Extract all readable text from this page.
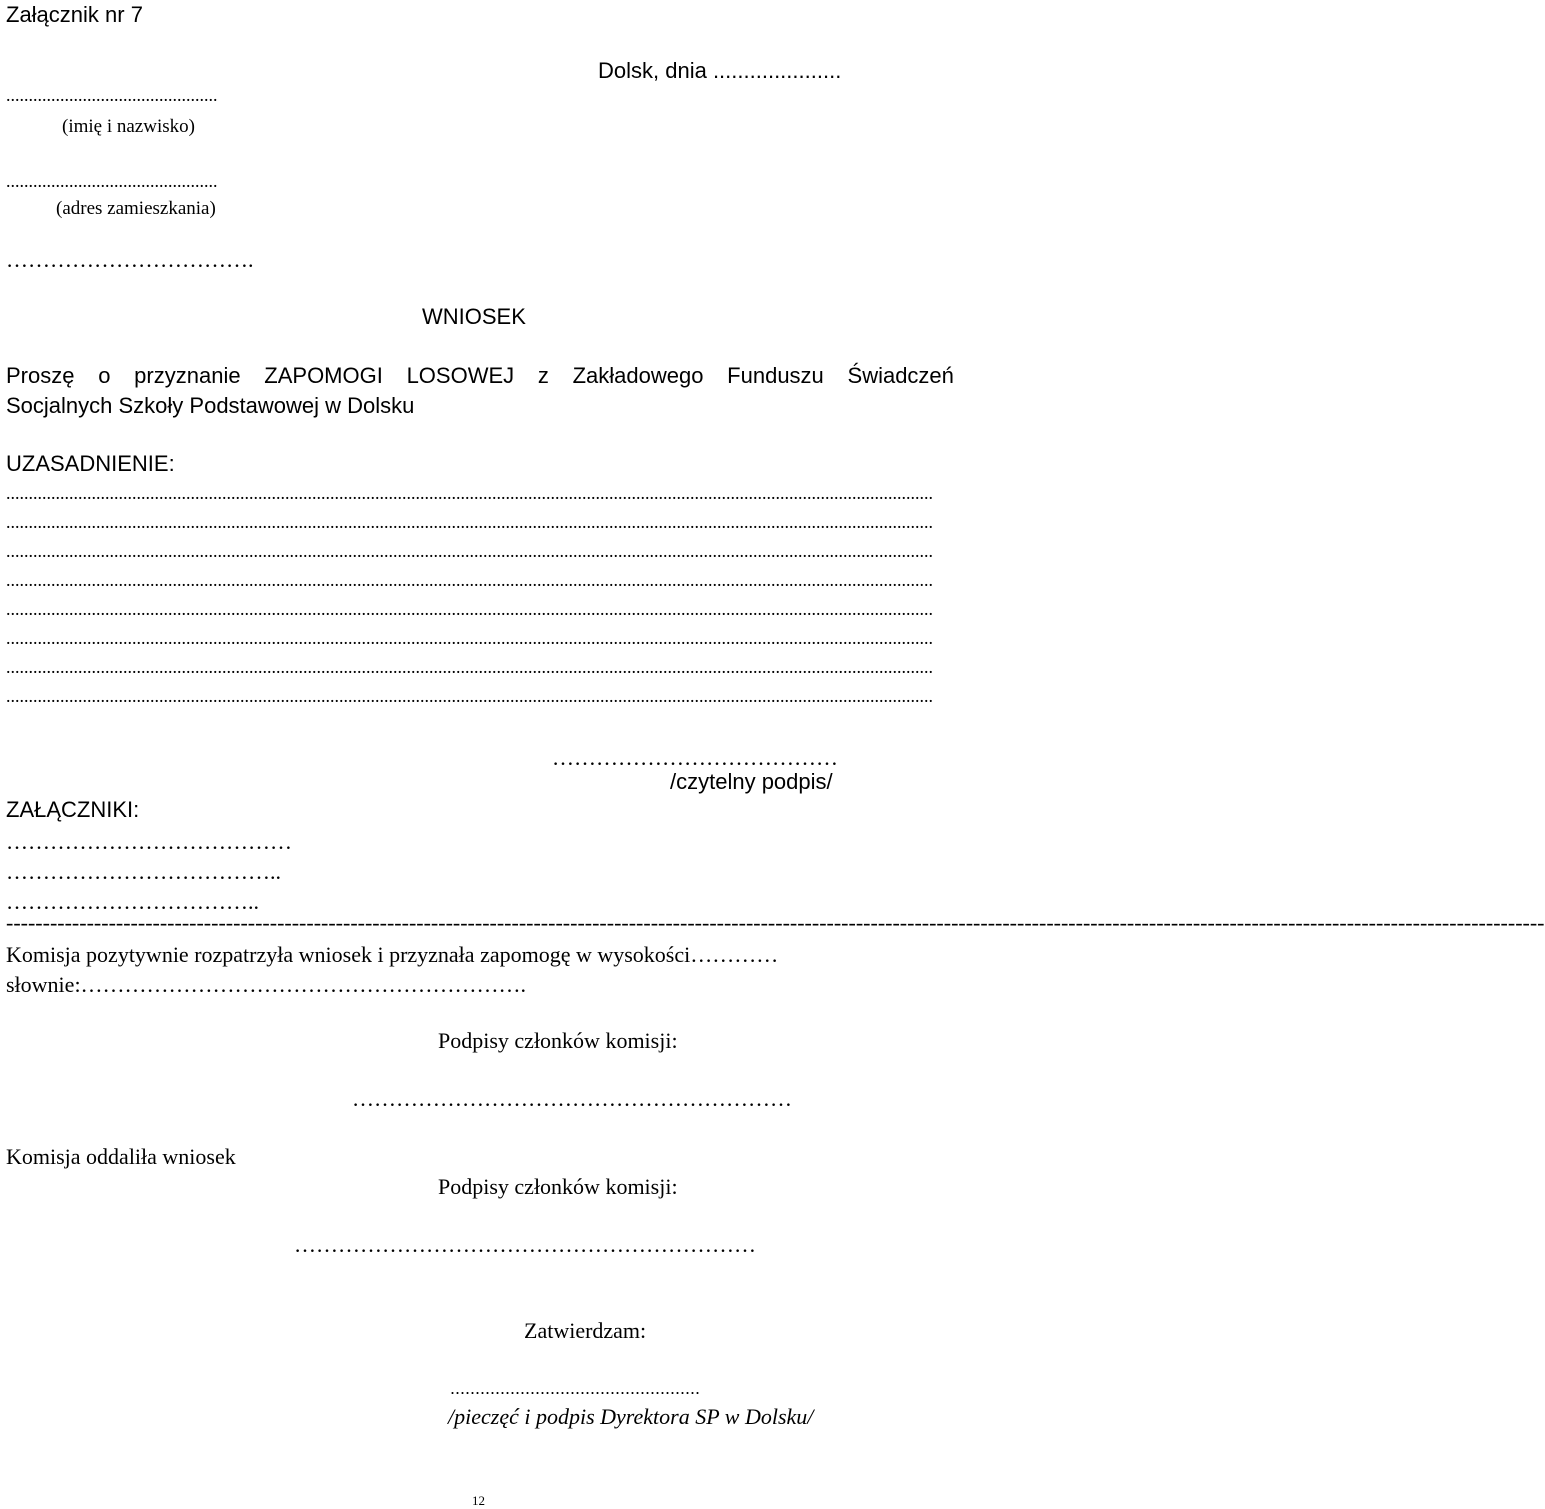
Załącznik nr 7
Dolsk, dnia .....................
...............................................
(imię i nazwisko)
...............................................
(adres zamieszkania)
…………………………….
WNIOSEK
Proszę o przyznanie ZAPOMOGI LOSOWEJ z Zakładowego Funduszu Świadczeń
Socjalnych Szkoły Podstawowej w Dolsku
UZASADNIENIE:
..............................................................................................................................................................................................................
..............................................................................................................................................................................................................
..............................................................................................................................................................................................................
..............................................................................................................................................................................................................
..............................................................................................................................................................................................................
..............................................................................................................................................................................................................
..............................................................................................................................................................................................................
..............................................................................................................................................................................................................
…………………………………
/czytelny podpis/
ZAŁĄCZNIKI:
…………………………………
………………………………..
……………………………..
------------------------------------------------------------------------------------------------------------------------------------------------------------------------------------------------------------------
Komisja pozytywnie rozpatrzyła wniosek i przyznała zapomogę w wysokości…………
słownie:…………………………………………………….
Podpisy członków komisji:
……………………………………………………
Komisja oddaliła wniosek
Podpisy członków komisji:
………………………………………………………
Zatwierdzam:
..................................................
/pieczęć i podpis Dyrektora SP w Dolsku/
12
